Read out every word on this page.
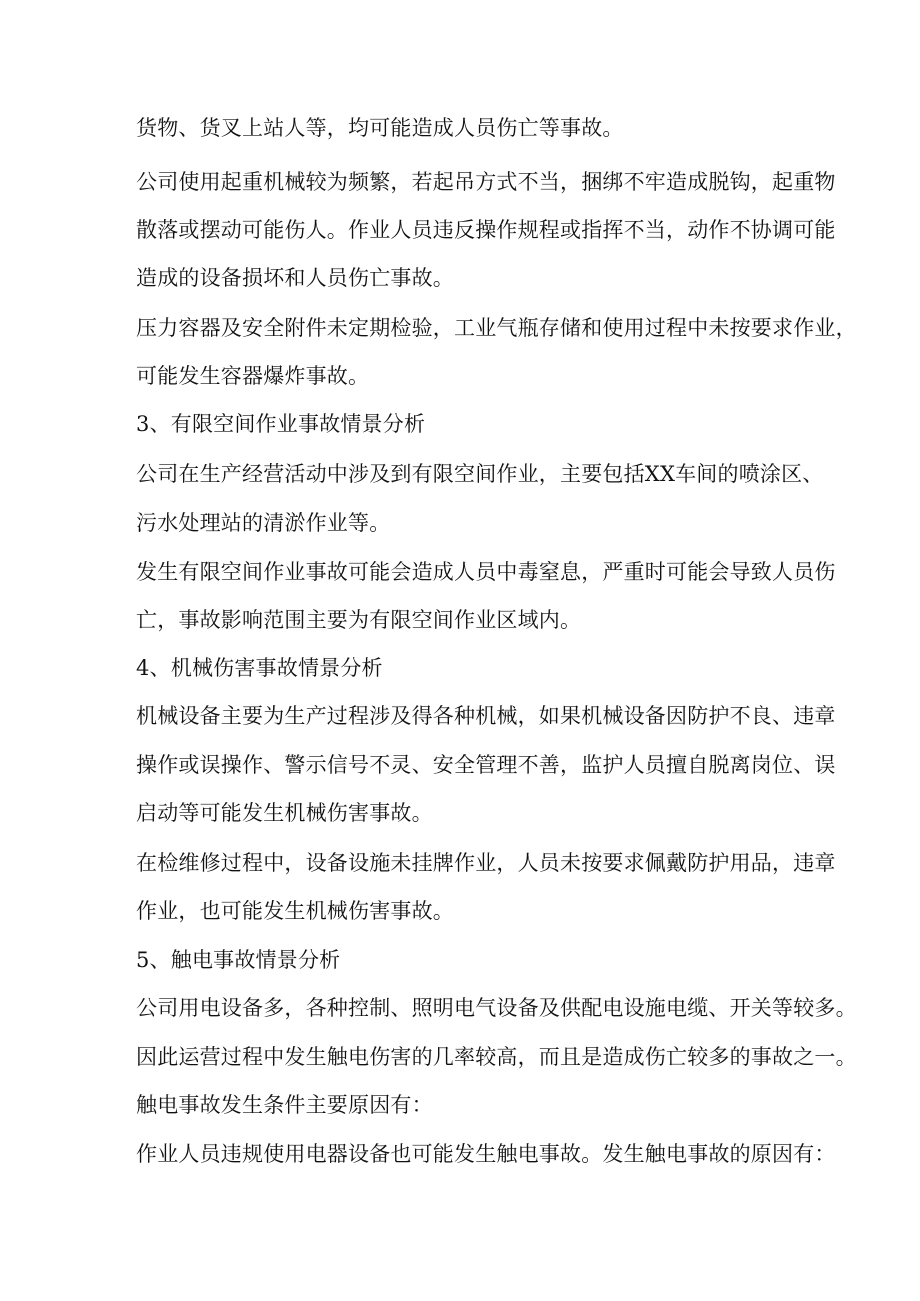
货物、货叉上站人等，均可能造成人员伤亡等事故。
公司使用起重机械较为频繁，若起吊方式不当，捆绑不牢造成脱钩，起重物
散落或摆动可能伤人。作业人员违反操作规程或指挥不当，动作不协调可能
造成的设备损坏和人员伤亡事故。
压力容器及安全附件未定期检验，工业气瓶存储和使用过程中未按要求作业，
可能发生容器爆炸事故。
3、有限空间作业事故情景分析
公司在生产经营活动中涉及到有限空间作业，主要包括XX车间的喷涂区、
污水处理站的清淤作业等。
发生有限空间作业事故可能会造成人员中毒窒息，严重时可能会导致人员伤
亡，事故影响范围主要为有限空间作业区域内。
4、机械伤害事故情景分析
机械设备主要为生产过程涉及得各种机械，如果机械设备因防护不良、违章
操作或误操作、警示信号不灵、安全管理不善，监护人员擅自脱离岗位、误
启动等可能发生机械伤害事故。
在检维修过程中，设备设施未挂牌作业，人员未按要求佩戴防护用品，违章
作业，也可能发生机械伤害事故。
5、触电事故情景分析
公司用电设备多，各种控制、照明电气设备及供配电设施电缆、开关等较多。
因此运营过程中发生触电伤害的几率较高，而且是造成伤亡较多的事故之一。
触电事故发生条件主要原因有：
作业人员违规使用电器设备也可能发生触电事故。发生触电事故的原因有：
